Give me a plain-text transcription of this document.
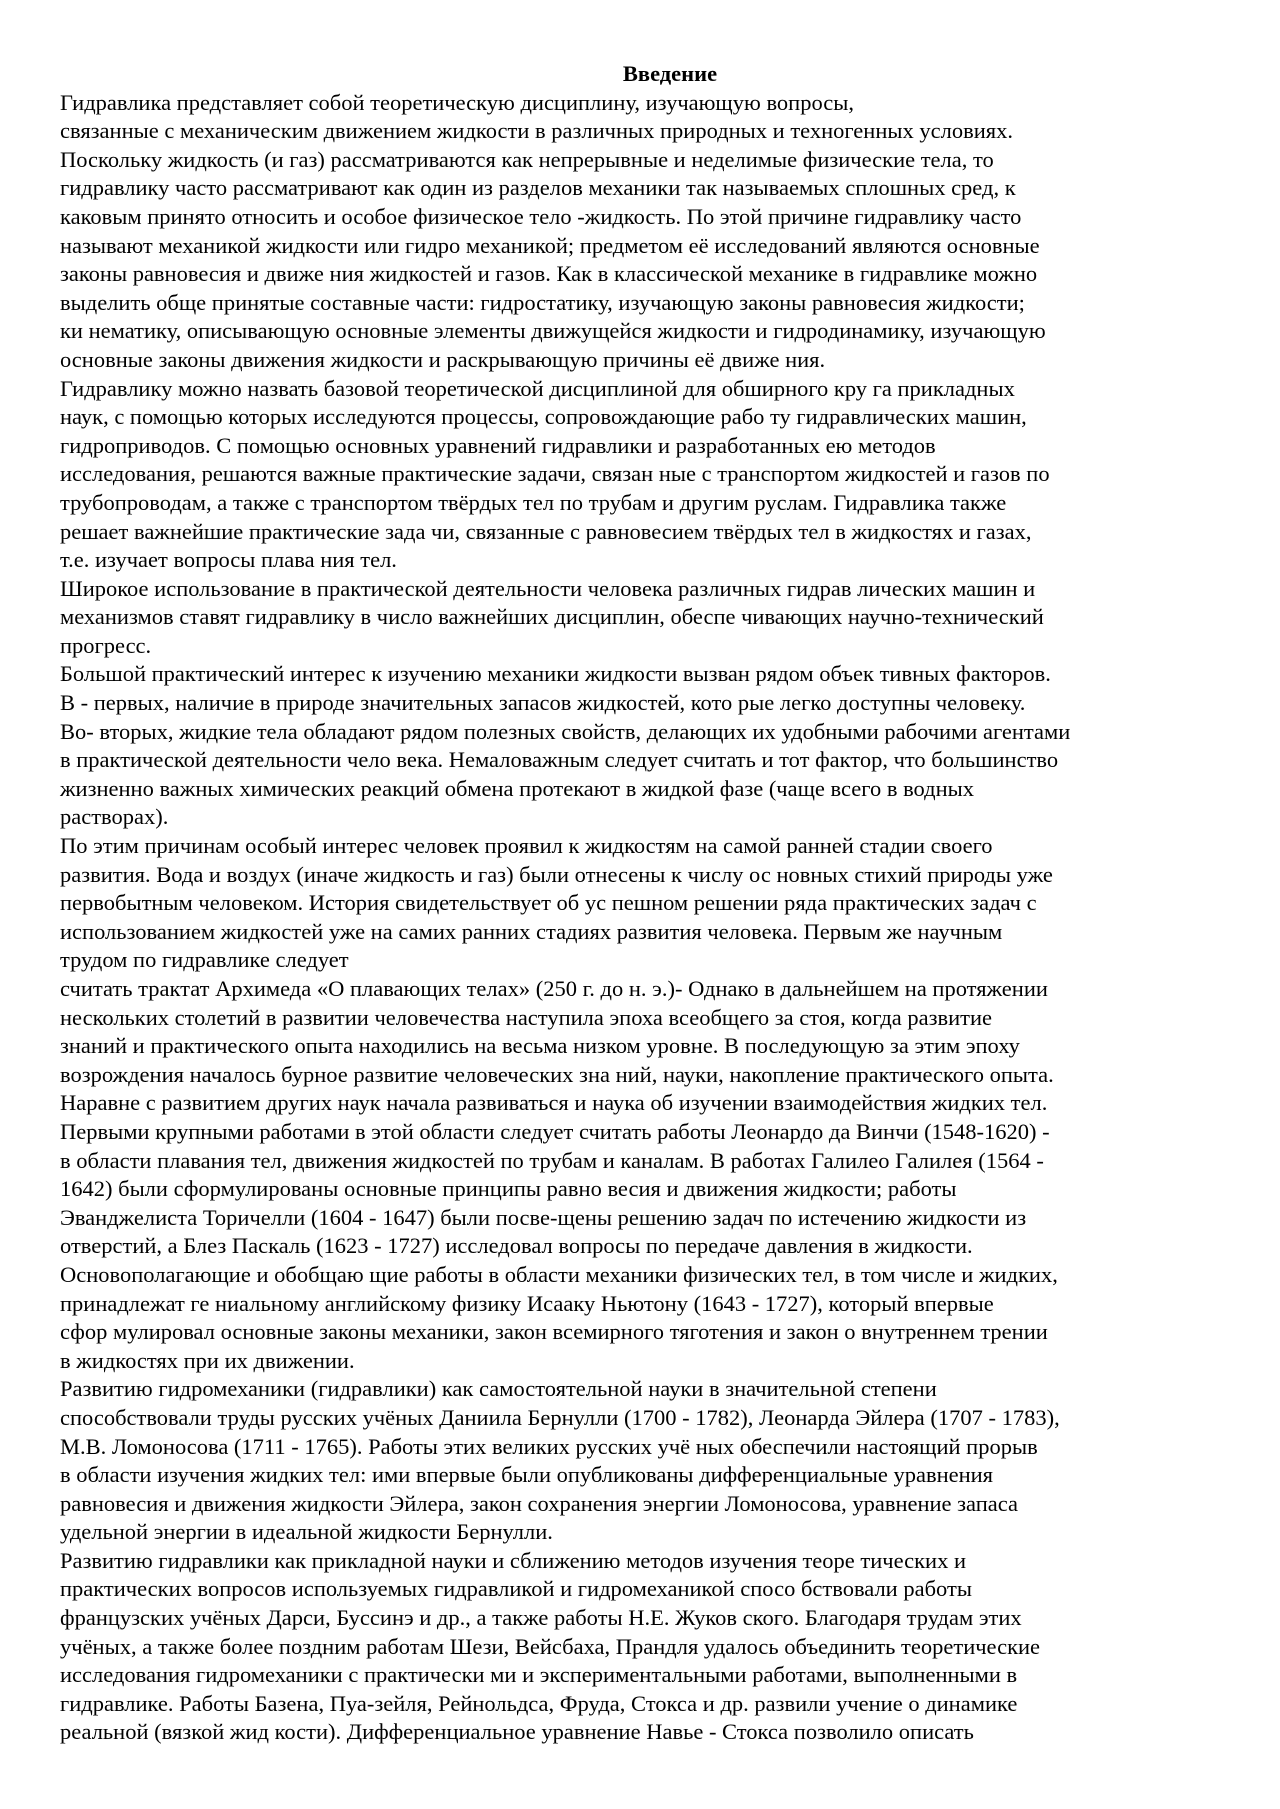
Введение

Гидравлика представляет собой теоретическую дисциплину, изучающую вопросы,

связанные с механическим движением жидкости в различных природных и техногенных условиях.

Поскольку жидкость (и газ) рассматриваются как непрерывные и неделимые физические тела, то

гидравлику часто рассматривают как один из разделов механики так называемых сплошных сред, к

каковым принято относить и особое физическое тело -жидкость. По этой причине гидравлику часто

называют механикой жидкости или гидро механикой; предметом её исследований являются основные

законы равновесия и движе ния жидкостей и газов. Как в классической механике в гидравлике можно

выделить обще принятые составные части: гидростатику, изучающую законы равновесия жидкости;

ки нематику, описывающую основные элементы движущейся жидкости и гидродинамику, изучающую

основные законы движения жидкости и раскрывающую причины её движе ния.

Гидравлику можно назвать базовой теоретической дисциплиной для обширного кру га прикладных

наук, с помощью которых исследуются процессы, сопровождающие рабо ту гидравлических машин,

гидроприводов. С помощью основных уравнений гидравлики и разработанных ею методов

исследования, решаются важные практические задачи, связан ные с транспортом жидкостей и газов по

трубопроводам, а также с транспортом твёрдых тел по трубам и другим руслам. Гидравлика также

решает важнейшие практические зада чи, связанные с равновесием твёрдых тел в жидкостях и газах,

т.е. изучает вопросы плава ния тел.

Широкое использование в практической деятельности человека различных гидрав лических машин и

механизмов ставят гидравлику в число важнейших дисциплин, обеспе чивающих научно-технический

прогресс.

Большой практический интерес к изучению механики жидкости вызван рядом объек тивных факторов.

В - первых, наличие в природе значительных запасов жидкостей, кото рые легко доступны человеку.

Во- вторых, жидкие тела обладают рядом полезных свойств, делающих их удобными рабочими агентами

в практической деятельности чело века. Немаловажным следует считать и тот фактор, что большинство

жизненно важных химических реакций обмена протекают в жидкой фазе (чаще всего в водных

растворах).

По этим причинам особый интерес человек проявил к жидкостям на самой ранней стадии своего

развития. Вода и воздух (иначе жидкость и газ) были отнесены к числу ос новных стихий природы уже

первобытным человеком. История свидетельствует об ус пешном решении ряда практических задач с

использованием жидкостей уже на самих ранних стадиях развития человека. Первым же научным

трудом по гидравлике следует

считать трактат Архимеда «О плавающих телах» (250 г. до н. э.)- Однако в дальнейшем на протяжении

нескольких столетий в развитии человечества наступила эпоха всеобщего за стоя, когда развитие

знаний и практического опыта находились на весьма низком уровне. В последующую за этим эпоху

возрождения началось бурное развитие человеческих зна ний, науки, накопление практического опыта.

Наравне с развитием других наук начала развиваться и наука об изучении взаимодействия жидких тел.

Первыми крупными работами в этой области следует считать работы Леонардо да Винчи (1548-1620) -

в области плавания тел, движения жидкостей по трубам и каналам. В работах Галилео Галилея (1564 -

1642) были сформулированы основные принципы равно весия и движения жидкости; работы

Эванджелиста Торичелли (1604 - 1647) были посве-щены решению задач по истечению жидкости из

отверстий, а Блез Паскаль (1623 - 1727) исследовал вопросы по передаче давления в жидкости.

Основополагающие и обобщаю щие работы в области механики физических тел, в том числе и жидких,

принадлежат ге ниальному английскому физику Исааку Ньютону (1643 - 1727), который впервые

сфор мулировал основные законы механики, закон всемирного тяготения и закон о внутреннем трении

в жидкостях при их движении.

Развитию гидромеханики (гидравлики) как самостоятельной науки в значительной степени

способствовали труды русских учёных Даниила Бернулли (1700 - 1782), Леонарда Эйлера (1707 - 1783),

М.В. Ломоносова (1711 - 1765). Работы этих великих русских учё ных обеспечили настоящий прорыв

в области изучения жидких тел: ими впервые были опубликованы дифференциальные уравнения

равновесия и движения жидкости Эйлера, закон сохранения энергии Ломоносова, уравнение запаса

удельной энергии в идеальной жидкости Бернулли.

Развитию гидравлики как прикладной науки и сближению методов изучения теоре тических и

практических вопросов используемых гидравликой и гидромеханикой спосо бствовали работы

французских учёных Дарси, Буссинэ и др., а также работы Н.Е. Жуков ского. Благодаря трудам этих

учёных, а также более поздним работам Шези, Вейсбаха, Прандля удалось объединить теоретические

исследования гидромеханики с практически ми и экспериментальными работами, выполненными в

гидравлике. Работы Базена, Пуа-зейля, Рейнольдса, Фруда, Стокса и др. развили учение о динамике

реальной (вязкой жид кости). Дифференциальное уравнение Навье - Стокса позволило описать
